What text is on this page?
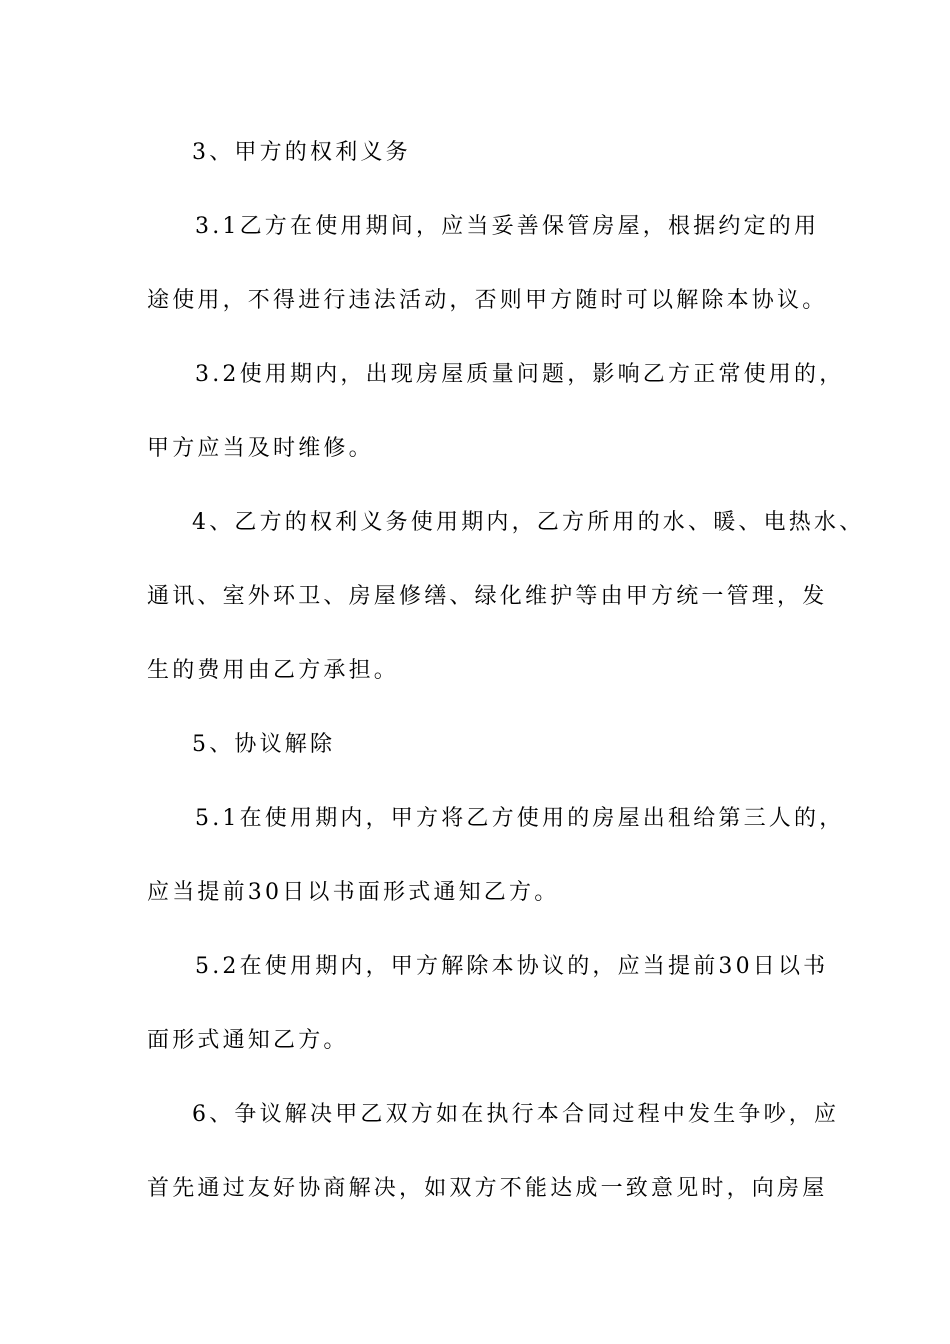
3、甲方的权利义务
3.1乙方在使用期间，应当妥善保管房屋，根据约定的用
途使用，不得进行违法活动，否则甲方随时可以解除本协议。
3.2使用期内，出现房屋质量问题，影响乙方正常使用的，
甲方应当及时维修。
4、乙方的权利义务使用期内，乙方所用的水、暖、电热水、
通讯、室外环卫、房屋修缮、绿化维护等由甲方统一管理，发
生的费用由乙方承担。
5、协议解除
5.1在使用期内，甲方将乙方使用的房屋出租给第三人的，
应当提前30日以书面形式通知乙方。
5.2在使用期内，甲方解除本协议的，应当提前30日以书
面形式通知乙方。
6、争议解决甲乙双方如在执行本合同过程中发生争吵，应
首先通过友好协商解决，如双方不能达成一致意见时，向房屋
